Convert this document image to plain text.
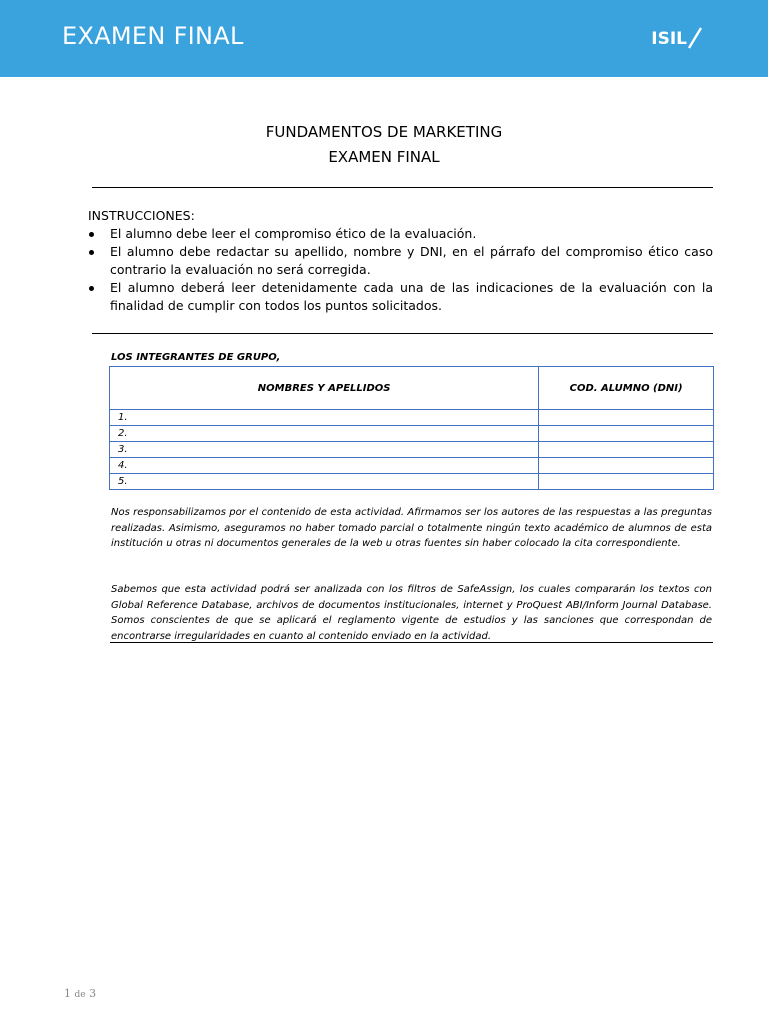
EXAMEN FINAL	ISIL
FUNDAMENTOS DE MARKETING
EXAMEN FINAL

INSTRUCCIONES:

El alumno debe leer el compromiso ético de la evaluación.
El alumno debe redactar su apellido, nombre y DNI, en el párrafo del compromiso ético caso contrario la evaluación no será corregida.
El alumno deberá leer detenidamente cada una de las indicaciones de la evaluación con la finalidad de cumplir con todos los puntos solicitados.
LOS INTEGRANTES DE GRUPO,
NOMBRES Y APELLIDOS	COD. ALUMNO (DNI)
1.	
2.	
3.	
4.	
5.	
Nos responsabilizamos por el contenido de esta actividad. Afirmamos ser los autores de las respuestas a las preguntas realizadas. Asimismo, aseguramos no haber tomado parcial o totalmente ningún texto académico de alumnos de esta institución u otras ni documentos generales de la web u otras fuentes sin haber colocado la cita correspondiente.
Sabemos que esta actividad podrá ser analizada con los filtros de SafeAssign, los cuales compararán los textos con Global Reference Database, archivos de documentos institucionales, internet y ProQuest ABI/Inform Journal Database. Somos conscientes de que se aplicará el reglamento vigente de estudios y las sanciones que correspondan de encontrarse irregularidades en cuanto al contenido enviado en la actividad.
1 de 3
